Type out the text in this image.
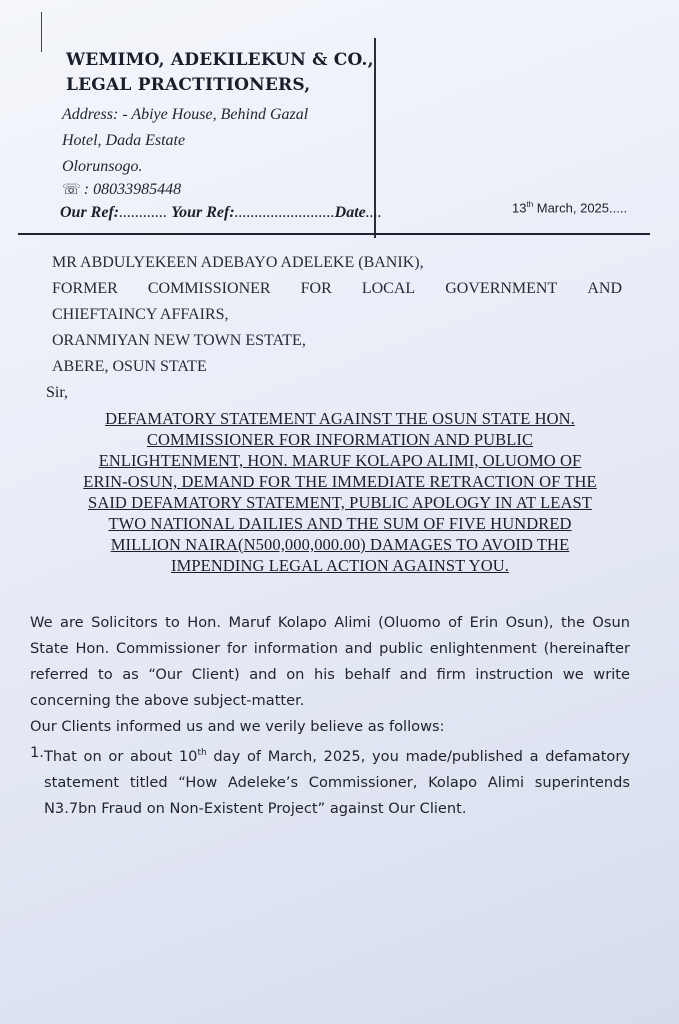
WEMIMO, ADEKILEKUN & CO.,
LEGAL PRACTITIONERS,
Address: - Abiye House, Behind Gazal
Hotel, Dada Estate
Olorunsogo.
☏ : 08033985448
Our Ref:............ Your Ref:.........................Date....	13th March, 2025.....
MR ABDULYEKEEN ADEBAYO ADELEKE (BANIK),
FORMER COMMISSIONER FOR LOCAL GOVERNMENT AND
CHIEFTAINCY AFFAIRS,
ORANMIYAN NEW TOWN ESTATE,
ABERE, OSUN STATE
Sir,
DEFAMATORY STATEMENT AGAINST THE OSUN STATE HON.
COMMISSIONER FOR INFORMATION AND PUBLIC
ENLIGHTENMENT, HON. MARUF KOLAPO ALIMI, OLUOMO OF
ERIN-OSUN, DEMAND FOR THE IMMEDIATE RETRACTION OF THE
SAID DEFAMATORY STATEMENT, PUBLIC APOLOGY IN AT LEAST
TWO NATIONAL DAILIES AND THE SUM OF FIVE HUNDRED
MILLION NAIRA(N500,000,000.00) DAMAGES TO AVOID THE
IMPENDING LEGAL ACTION AGAINST YOU.

We are Solicitors to Hon. Maruf Kolapo Alimi (Oluomo of Erin Osun), the Osun State Hon. Commissioner for information and public enlightenment (hereinafter referred to as “Our Client) and on his behalf and firm instruction we write concerning the above subject-matter.

Our Clients informed us and we verily believe as follows:

1. That on or about 10th day of March, 2025, you made/published a defamatory statement titled “How Adeleke’s Commissioner, Kolapo Alimi superintends N3.7bn Fraud on Non-Existent Project” against Our Client.
